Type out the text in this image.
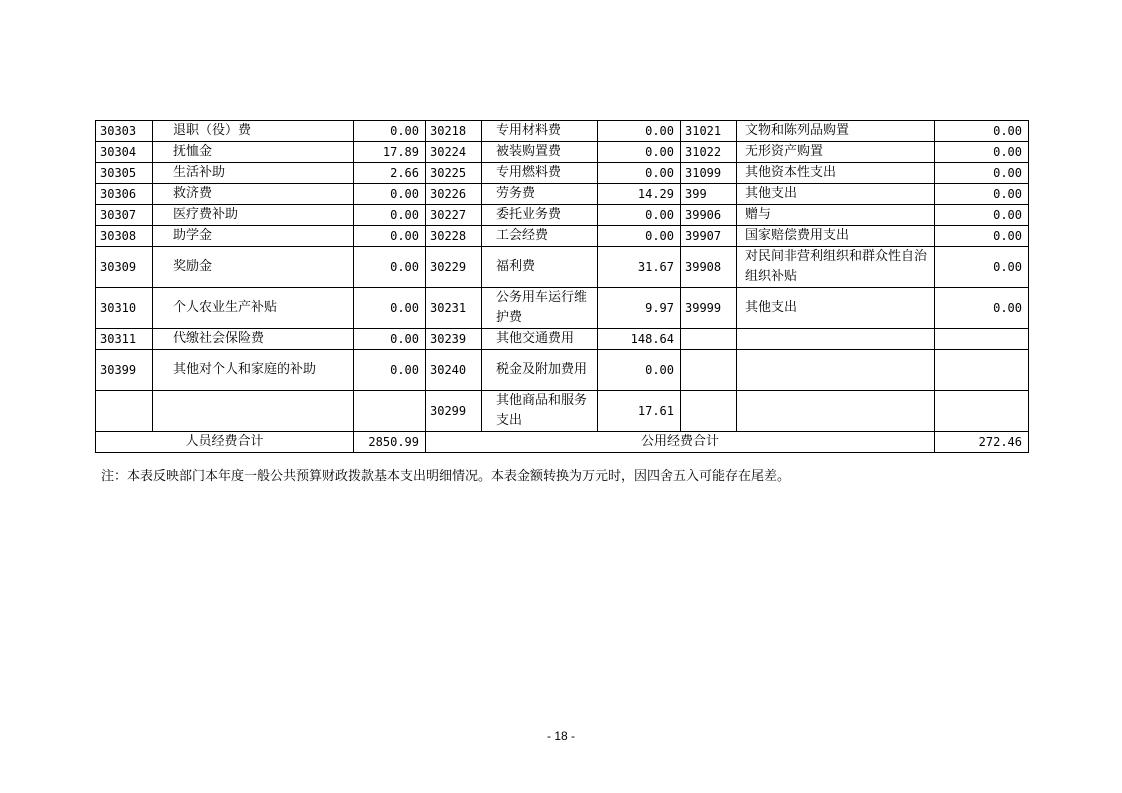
30303	退职（役）费	0.00	30218	专用材料费	0.00	31021	文物和陈列品购置	0.00
30304	抚恤金	17.89	30224	被装购置费	0.00	31022	无形资产购置	0.00
30305	生活补助	2.66	30225	专用燃料费	0.00	31099	其他资本性支出	0.00
30306	救济费	0.00	30226	劳务费	14.29	399	其他支出	0.00
30307	医疗费补助	0.00	30227	委托业务费	0.00	39906	赠与	0.00
30308	助学金	0.00	30228	工会经费	0.00	39907	国家赔偿费用支出	0.00
30309	奖励金	0.00	30229	福利费	31.67	39908	对民间非营利组织和群众性自治组织补贴	0.00
30310	个人农业生产补贴	0.00	30231	公务用车运行维护费	9.97	39999	其他支出	0.00
30311	代缴社会保险费	0.00	30239	其他交通费用	148.64			
30399	其他对个人和家庭的补助	0.00	30240	税金及附加费用	0.00			
			30299	其他商品和服务支出	17.61			
人员经费合计		2850.99	公用经费合计					272.46
注：本表反映部门本年度一般公共预算财政拨款基本支出明细情况。本表金额转换为万元时，因四舍五入可能存在尾差。
- 18 -
